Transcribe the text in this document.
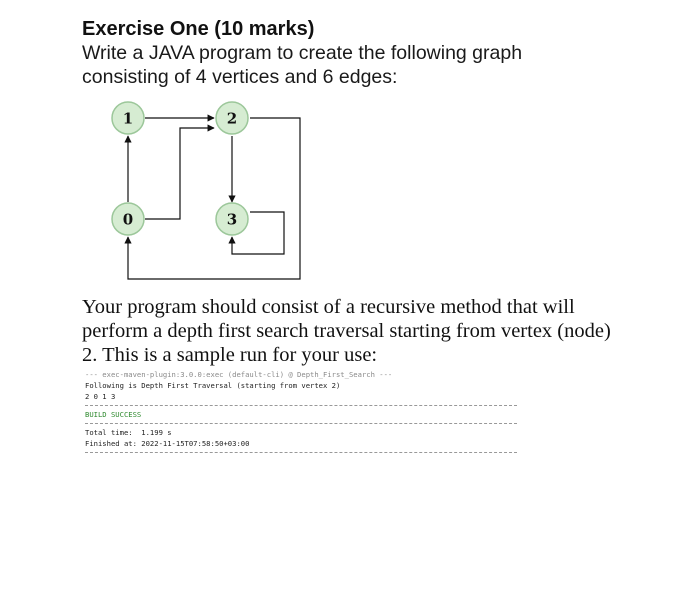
Exercise One (10 marks)
Write a JAVA program to create the following graph
consisting of 4 vertices and 6 edges:
1	2
0	3
Your program should consist of a recursive method that will
perform a depth first search traversal starting from vertex (node)
2. This is a sample run for your use:
--- exec-maven-plugin:3.0.0:exec (default-cli) @ Depth_First_Search ---
Following is Depth First Traversal (starting from vertex 2)
2 0 1 3
BUILD SUCCESS
Total time:  1.199 s
Finished at: 2022-11-15T07:58:50+03:00
